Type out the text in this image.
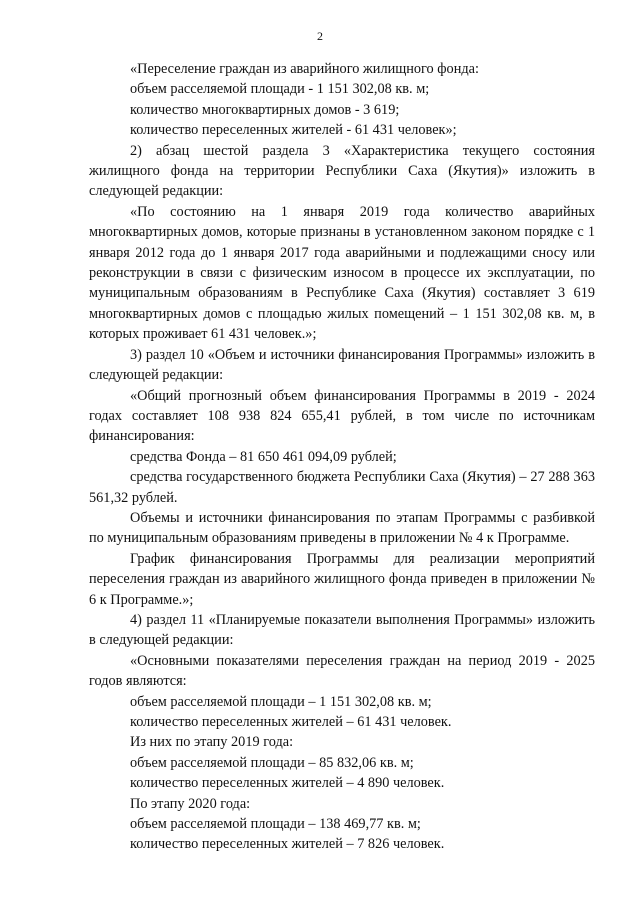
2

«Переселение граждан из аварийного жилищного фонда:

объем расселяемой площади - 1 151 302,08 кв. м;

количество многоквартирных домов - 3 619;

количество переселенных жителей - 61 431 человек»;

2) абзац шестой раздела 3 «Характеристика текущего состояния жилищного фонда на территории Республики Саха (Якутия)» изложить в следующей редакции:

«По состоянию на 1 января 2019 года количество аварийных многоквартирных домов, которые признаны в установленном законом порядке с 1 января 2012 года до 1 января 2017 года аварийными и подлежащими сносу или реконструкции в связи с физическим износом в процессе их эксплуатации, по муниципальным образованиям в Республике Саха (Якутия) составляет 3 619 многоквартирных домов с площадью жилых помещений – 1 151 302,08 кв. м, в которых проживает 61 431 человек.»;

3) раздел 10 «Объем и источники финансирования Программы» изложить в следующей редакции:

«Общий прогнозный объем финансирования Программы в 2019 - 2024 годах составляет 108 938 824 655,41 рублей, в том числе по источникам финансирования:

средства Фонда – 81 650 461 094,09 рублей;

средства государственного бюджета Республики Саха (Якутия) – 27 288 363 561,32 рублей.

Объемы и источники финансирования по этапам Программы с разбивкой по муниципальным образованиям приведены в приложении № 4 к Программе.

График финансирования Программы для реализации мероприятий переселения граждан из аварийного жилищного фонда приведен в приложении № 6 к Программе.»;

4) раздел 11 «Планируемые показатели выполнения Программы» изложить в следующей редакции:

«Основными показателями переселения граждан на период 2019 - 2025 годов являются:

объем расселяемой площади – 1 151 302,08 кв. м;

количество переселенных жителей – 61 431 человек.

Из них по этапу 2019 года:

объем расселяемой площади – 85 832,06 кв. м;

количество переселенных жителей – 4 890 человек.

По этапу 2020 года:

объем расселяемой площади – 138 469,77 кв. м;

количество переселенных жителей – 7 826 человек.
